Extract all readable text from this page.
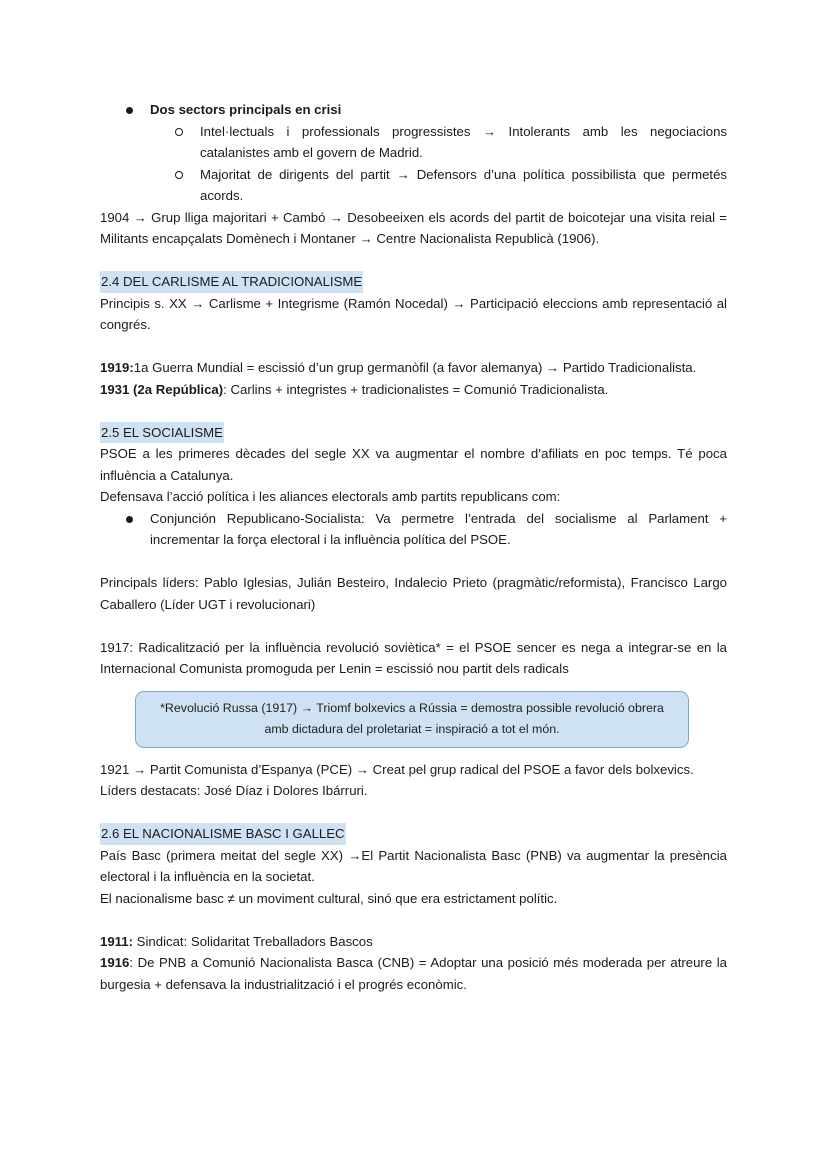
Dos sectors principals en crisi
Intel·lectuals i professionals progressistes → Intolerants amb les negociacions catalanistes amb el govern de Madrid.
Majoritat de dirigents del partit → Defensors d’una política possibilista que permetés acords.

1904 → Grup lliga majoritari + Cambó → Desobeeixen els acords del partit de boicotejar una visita reial = Militants encapçalats Domènech i Montaner → Centre Nacionalista Republicà (1906).

2.4 DEL CARLISME AL TRADICIONALISME

Principis s. XX → Carlisme + Integrisme (Ramón Nocedal) → Participació eleccions amb representació al congrés.

1919:1a Guerra Mundial = escissió d’un grup germanòfil (a favor alemanya) → Partido Tradicionalista.

1931 (2a República): Carlins + integristes + tradicionalistes = Comunió Tradicionalista.

2.5 EL SOCIALISME

PSOE a les primeres dècades del segle XX va augmentar el nombre d’afiliats en poc temps. Té poca influència a Catalunya.

Defensava l’acció política i les aliances electorals amb partits republicans com:

Conjunción Republicano-Socialista: Va permetre l’entrada del socialisme al Parlament + incrementar la força electoral i la influència política del PSOE.

Principals líders: Pablo Iglesias, Julián Besteiro, Indalecio Prieto (pragmàtic/reformista), Francisco Largo Caballero (Líder UGT i revolucionari)

1917: Radicalització per la influència revolució soviètica* = el PSOE sencer es nega a integrar-se en la Internacional Comunista promoguda per Lenin = escissió nou partit dels radicals

*Revolució Russa (1917) → Triomf bolxevics a Rússia = demostra possible revolució obrera
amb dictadura del proletariat = inspiració a tot el món.

1921 → Partit Comunista d’Espanya (PCE) → Creat pel grup radical del PSOE a favor dels bolxevics.

Líders destacats: José Díaz i Dolores Ibárruri.

2.6 EL NACIONALISME BASC I GALLEC

País Basc (primera meitat del segle XX) →El Partit Nacionalista Basc (PNB) va augmentar la presència electoral i la influència en la societat.

El nacionalisme basc ≠ un moviment cultural, sinó que era estrictament polític.

1911: Sindicat: Solidaritat Treballadors Bascos

1916: De PNB a Comunió Nacionalista Basca (CNB) = Adoptar una posició més moderada per atreure la burgesia + defensava la industrialització i el progrés econòmic.
